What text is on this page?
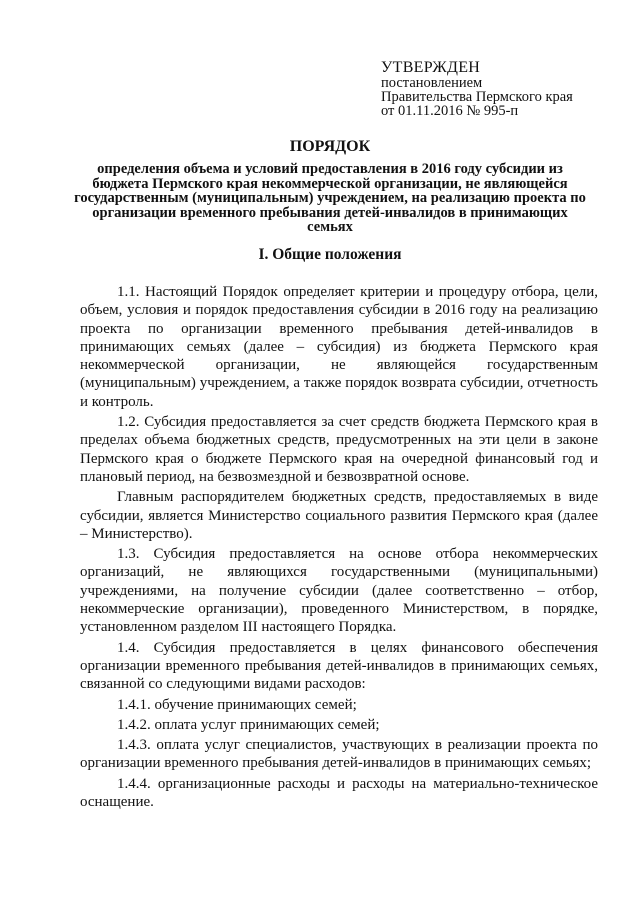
УТВЕРЖДЕН
постановлением
Правительства Пермского края
от 01.11.2016 № 995-п
ПОРЯДОК
определения объема и условий предоставления в 2016 году субсидии из бюджета Пермского края некоммерческой организации, не являющейся государственным (муниципальным) учреждением, на реализацию проекта по организации временного пребывания детей-инвалидов в принимающих семьях
I. Общие положения

1.1. Настоящий Порядок определяет критерии и процедуру отбора, цели, объем, условия и порядок предоставления субсидии в 2016 году на реализацию проекта по организации временного пребывания детей-инвалидов в принимающих семьях (далее – субсидия) из бюджета Пермского края некоммерческой организации, не являющейся государственным (муниципальным) учреждением, а также порядок возврата субсидии, отчетность и контроль.

1.2. Субсидия предоставляется за счет средств бюджета Пермского края в пределах объема бюджетных средств, предусмотренных на эти цели в законе Пермского края о бюджете Пермского края на очередной финансовый год и плановый период, на безвозмездной и безвозвратной основе.

Главным распорядителем бюджетных средств, предоставляемых в виде субсидии, является Министерство социального развития Пермского края (далее – Министерство).

1.3. Субсидия предоставляется на основе отбора некоммерческих организаций, не являющихся государственными (муниципальными) учреждениями, на получение субсидии (далее соответственно – отбор, некоммерческие организации), проведенного Министерством, в порядке, установленном разделом III настоящего Порядка.

1.4. Субсидия предоставляется в целях финансового обеспечения организации временного пребывания детей-инвалидов в принимающих семьях, связанной со следующими видами расходов:

1.4.1. обучение принимающих семей;

1.4.2. оплата услуг принимающих семей;

1.4.3. оплата услуг специалистов, участвующих в реализации проекта по организации временного пребывания детей-инвалидов в принимающих семьях;

1.4.4. организационные расходы и расходы на материально-техническое оснащение.
